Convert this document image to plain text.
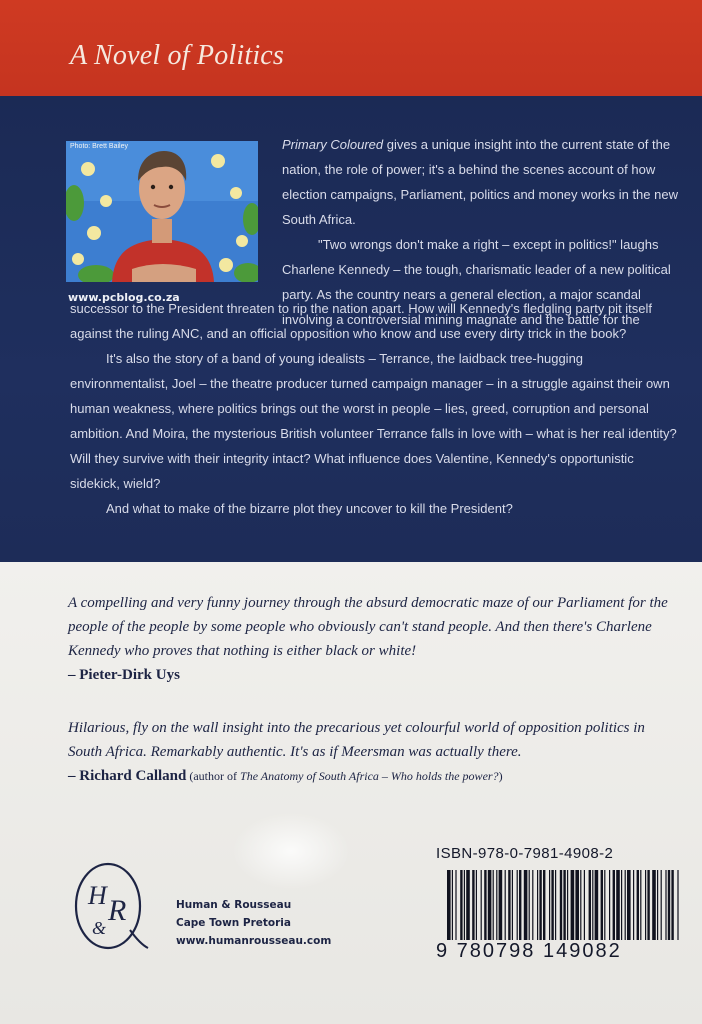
A Novel of Politics
Photo: Brett Bailey
www.pcblog.co.za

Primary Coloured gives a unique insight into the current state of the nation, the role of power; it's a behind the scenes account of how election campaigns, Parliament, politics and money works in the new South Africa.

"Two wrongs don't make a right – except in politics!" laughs Charlene Kennedy – the tough, charismatic leader of a new political party. As the country nears a general election, a major scandal involving a controversial mining magnate and the battle for the

successor to the President threaten to rip the nation apart. How will Kennedy's fledgling party pit itself against the ruling ANC, and an official opposition who know and use every dirty trick in the book?

It's also the story of a band of young idealists – Terrance, the laidback tree-hugging environmentalist, Joel – the theatre producer turned campaign manager – in a struggle against their own human weakness, where politics brings out the worst in people – lies, greed, corruption and personal ambition. And Moira, the mysterious British volunteer Terrance falls in love with – what is her real identity? Will they survive with their integrity intact? What influence does Valentine, Kennedy's opportunistic sidekick, wield?

And what to make of the bizarre plot they uncover to kill the President?

A compelling and very funny journey through the absurd democratic maze of our Parliament for the people of the people by some people who obviously can't stand people. And then there's Charlene Kennedy who proves that nothing is either black or white!

– Pieter-Dirk Uys

Hilarious, fly on the wall insight into the precarious yet colourful world of opposition politics in South Africa. Remarkably authentic. It's as if Meersman was actually there.

– Richard Calland (author of The Anatomy of South Africa – Who holds the power?)
H R
&
Human & Rousseau
Cape Town Pretoria
www.humanrousseau.com
ISBN-978-0-7981-4908-2
9 780798 149082
